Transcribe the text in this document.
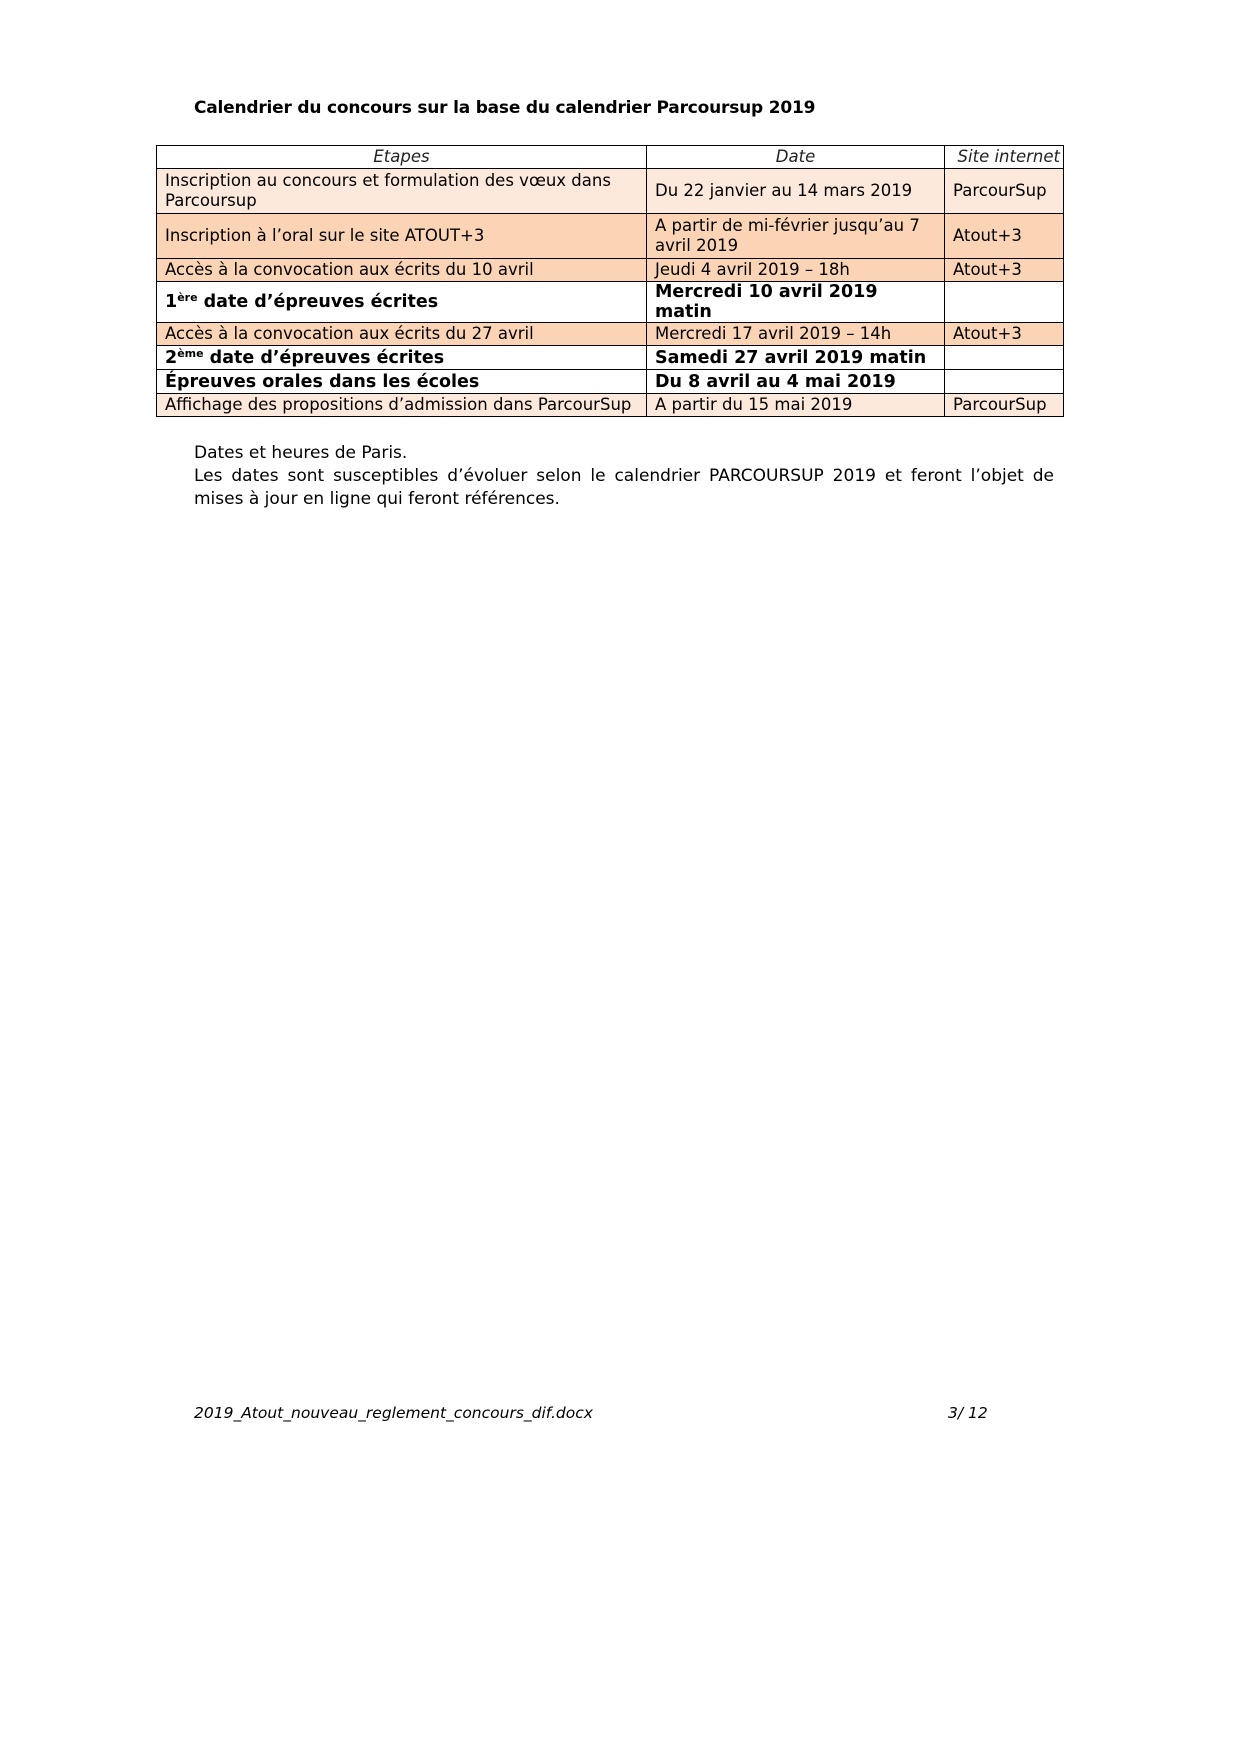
Calendrier du concours sur la base du calendrier Parcoursup 2019
Etapes	Date	Site internet
Inscription au concours et formulation des vœux dans Parcoursup	Du 22 janvier au 14 mars 2019	ParcourSup
Inscription à l’oral sur le site ATOUT+3	A partir de mi-février jusqu’au 7 avril 2019	Atout+3
Accès à la convocation aux écrits du 10 avril	Jeudi 4 avril 2019 – 18h	Atout+3
1ère date d’épreuves écrites	Mercredi 10 avril 2019 matin	
Accès à la convocation aux écrits du 27 avril	Mercredi 17 avril 2019 – 14h	Atout+3
2ème date d’épreuves écrites	Samedi 27 avril 2019 matin	
Épreuves orales dans les écoles	Du 8 avril au 4 mai 2019	
Affichage des propositions d’admission dans ParcourSup	A partir du 15 mai 2019	ParcourSup

Dates et heures de Paris.

Les dates sont susceptibles d’évoluer selon le calendrier PARCOURSUP 2019 et feront l’objet de mises à jour en ligne qui feront références.

2019_Atout_nouveau_reglement_concours_dif.docx	3/ 12
